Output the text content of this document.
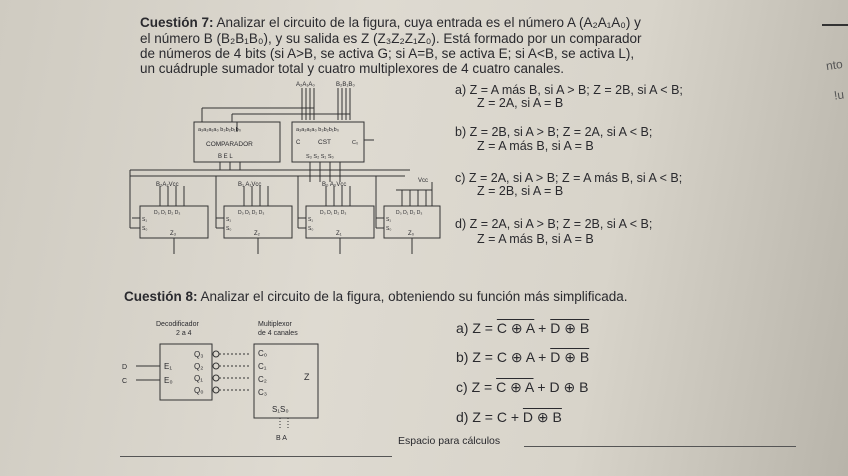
Cuestión 7: Analizar el circuito de la figura, cuya entrada es el número A (A₂A₁A₀) y
el número B (B₂B₁B₀), y su salida es Z (Z₃Z₂Z₁Z₀). Está formado por un comparador
de números de 4 bits (si A>B, se activa G; si A=B, se activa E; si A<B, se activa L),
un cuádruple sumador total y cuatro multiplexores de 4 cuatro canales.
a) Z = A más B, si A > B; Z = 2B, si A < B;
Z = 2A, si A = B
b) Z = 2B, si A > B; Z = 2A, si A < B;
Z = A más B, si A = B
c) Z = 2A, si A > B; Z = A más B, si A < B;
Z = 2B, si A = B
d) Z = 2A, si A > B; Z = 2B, si A < B;
Z = A más B, si A = B
A₂A₁A₀	B₂B₁B₀
a₃a₂a₁a₀ b₃b₂b₁b₀
COMPARADOR
B E L
a₃a₂a₁a₀ b₃b₂b₁b₀
C	CST	C₀
S₃ S₂ S₁ S₀
Vcc
B₂A₂Vcc	B₁ A₁Vcc	B₀ A₀Vcc
D₀ D₁ D₂ D₃	D₀ D₁ D₂ D₃	D₀ D₁ D₂ D₃	D₀ D₁ D₂ D₃
S₁
S₀
S₁
S₀
S₁
S₀
S₁
S₀
Z₃	Z₂	Z₁	Z₀
Cuestión 8: Analizar el circuito de la figura, obteniendo su función más simplificada.
Decodificador
2 a 4
Multiplexor
de 4 canales
D
C
E₁
E₀
Q₃
Q₂
Q₁
Q₀
C₀
C₁
C₂
C₃
Z
S₁S₀
B A
a) Z = C ⊕ A + D ⊕ B
b) Z = C ⊕ A + D ⊕ B
c) Z = C ⊕ A + D ⊕ B
d) Z = C + D ⊕ B
Espacio para cálculos
nto
!u
